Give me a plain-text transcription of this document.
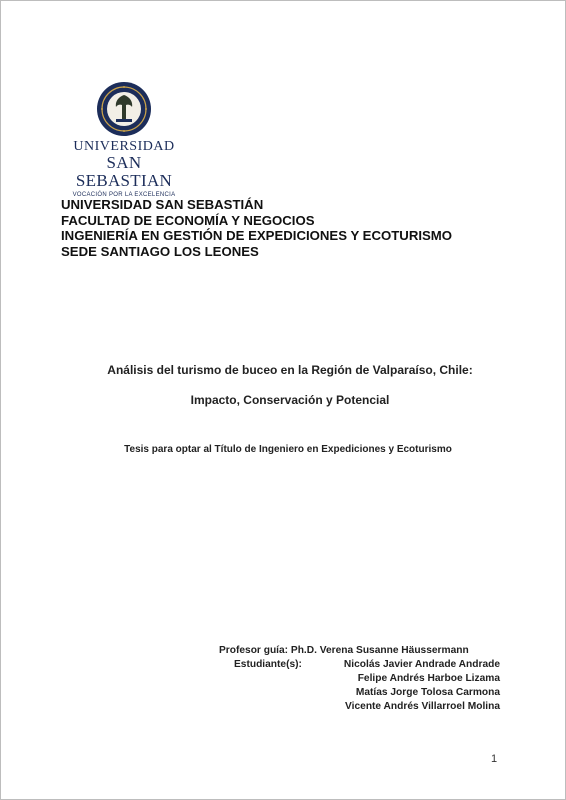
UNIVERSIDAD
SAN SEBASTIAN
VOCACIÓN POR LA EXCELENCIA
UNIVERSIDAD SAN SEBASTIÁN
FACULTAD DE ECONOMÍA Y NEGOCIOS
INGENIERÍA EN GESTIÓN DE EXPEDICIONES Y ECOTURISMO
SEDE SANTIAGO LOS LEONES
Análisis del turismo de buceo en la Región de Valparaíso, Chile:
Impacto, Conservación y Potencial
Tesis para optar al Título de Ingeniero en Expediciones y Ecoturismo
Profesor guía: Ph.D. Verena Susanne Häussermann
Estudiante(s):	Nicolás Javier Andrade Andrade
Felipe Andrés Harboe Lizama
Matías Jorge Tolosa Carmona
Vicente Andrés Villarroel Molina
1
